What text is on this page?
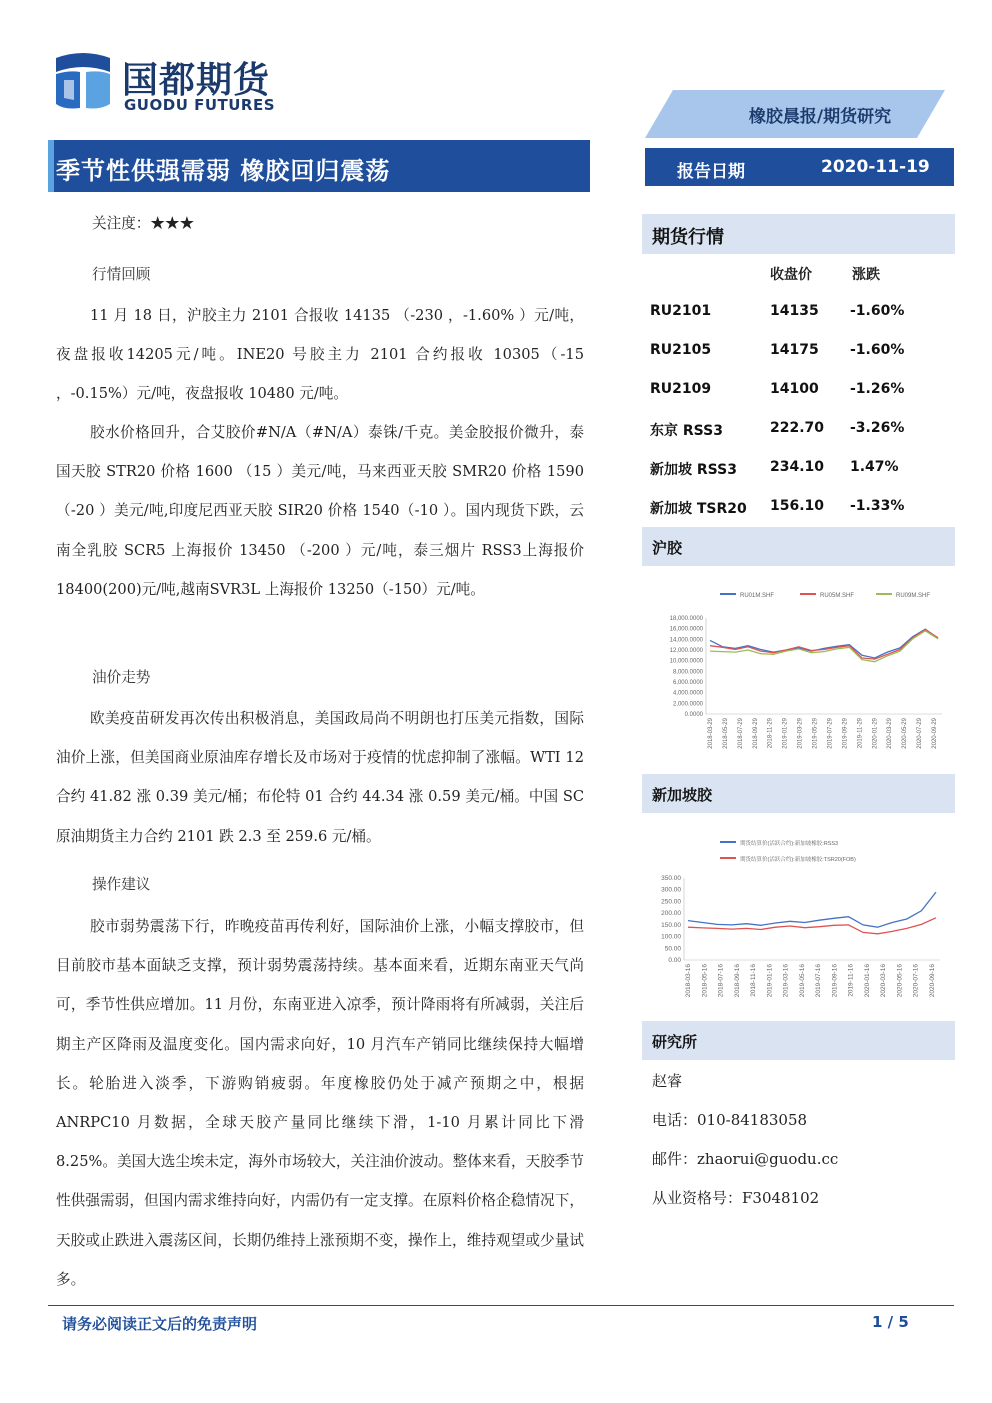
国都期货
GUODU FUTURES
橡胶晨报/期货研究
报告日期	2020-11-19
季节性供强需弱 橡胶回归震荡
关注度：★★★
行情回顾
11 月 18 日，沪胶主力 2101 合报收 14135 （-230 ，-1.60% ）元/吨，夜盘报收14205元/吨。INE20 号胶主力 2101 合约报收 10305（-15 ，-0.15%）元/吨，夜盘报收 10480 元/吨。
胶水价格回升，合艾胶价#N/A（#N/A）泰铢/千克。美金胶报价微升，泰国天胶 STR20 价格 1600 （15 ）美元/吨，马来西亚天胶 SMR20 价格 1590（-20 ）美元/吨,印度尼西亚天胶 SIR20 价格 1540（-10 ）。国内现货下跌，云南全乳胶 SCR5 上海报价 13450 （-200 ）元/吨，泰三烟片 RSS3上海报价18400(200)元/吨,越南SVR3L 上海报价 13250（-150）元/吨。
油价走势
欧美疫苗研发再次传出积极消息，美国政局尚不明朗也打压美元指数，国际油价上涨，但美国商业原油库存增长及市场对于疫情的忧虑抑制了涨幅。WTI 12 合约 41.82 涨 0.39 美元/桶；布伦特 01 合约 44.34 涨 0.59 美元/桶。中国 SC 原油期货主力合约 2101 跌 2.3 至 259.6 元/桶。
操作建议
胶市弱势震荡下行，昨晚疫苗再传利好，国际油价上涨，小幅支撑胶市，但目前胶市基本面缺乏支撑，预计弱势震荡持续。基本面来看，近期东南亚天气尚可，季节性供应增加。11 月份，东南亚进入凉季，预计降雨将有所减弱，关注后期主产区降雨及温度变化。国内需求向好，10 月汽车产销同比继续保持大幅增长。轮胎进入淡季，下游购销疲弱。年度橡胶仍处于减产预期之中，根据 ANRPC10 月数据，全球天胶产量同比继续下滑，1-10 月累计同比下滑 8.25%。美国大选尘埃未定，海外市场较大，关注油价波动。整体来看，天胶季节性供强需弱，但国内需求维持向好，内需仍有一定支撑。在原料价格企稳情况下，天胶或止跌进入震荡区间，长期仍维持上涨预期不变，操作上，维持观望或少量试多。
期货行情
收盘价	涨跌
RU2101	14135 -1.60%
RU2105	14175 -1.60%
RU2109	14100 -1.26%
东京 RSS3	222.70 -3.26%
新加坡 RSS3 234.10 1.47%
新加坡 TSR20 156.10 -1.33%
沪胶
RU01M.SHF	RU05M.SHF	RU09M.SHF
18,000.0000
16,000.0000
14,000.0000
12,000.0000
10,000.0000
8,000.0000
6,000.0000
4,000.0000
2,000.0000
0.0000
2018-03-29 2018-05-29 2018-07-29 2018-09-29 2018-11-29 2019-01-29 2019-03-29 2019-05-29 2019-07-29 2019-09-29 2019-11-29 2020-01-29 2020-03-29 2020-05-29 2020-07-29 2020-09-29
新加坡胶
期货结算价(活跃合约):新加坡橡胶:RSS3
期货结算价(活跃合约):新加坡橡胶:TSR20(FOB)
350.00
300.00
250.00
200.00
150.00
100.00
50.00
0.00
2018-03-16 2018-05-16 2018-07-16 2018-09-16 2018-11-16 2019-01-16 2019-03-16 2019-05-16 2019-07-16 2019-09-16 2019-11-16 2020-01-16 2020-03-16 2020-05-16 2020-07-16 2020-09-16
研究所
赵睿
电话：010-84183058
邮件：zhaorui@guodu.cc
从业资格号：F3048102
请务必阅读正文后的免责声明	1 / 5
